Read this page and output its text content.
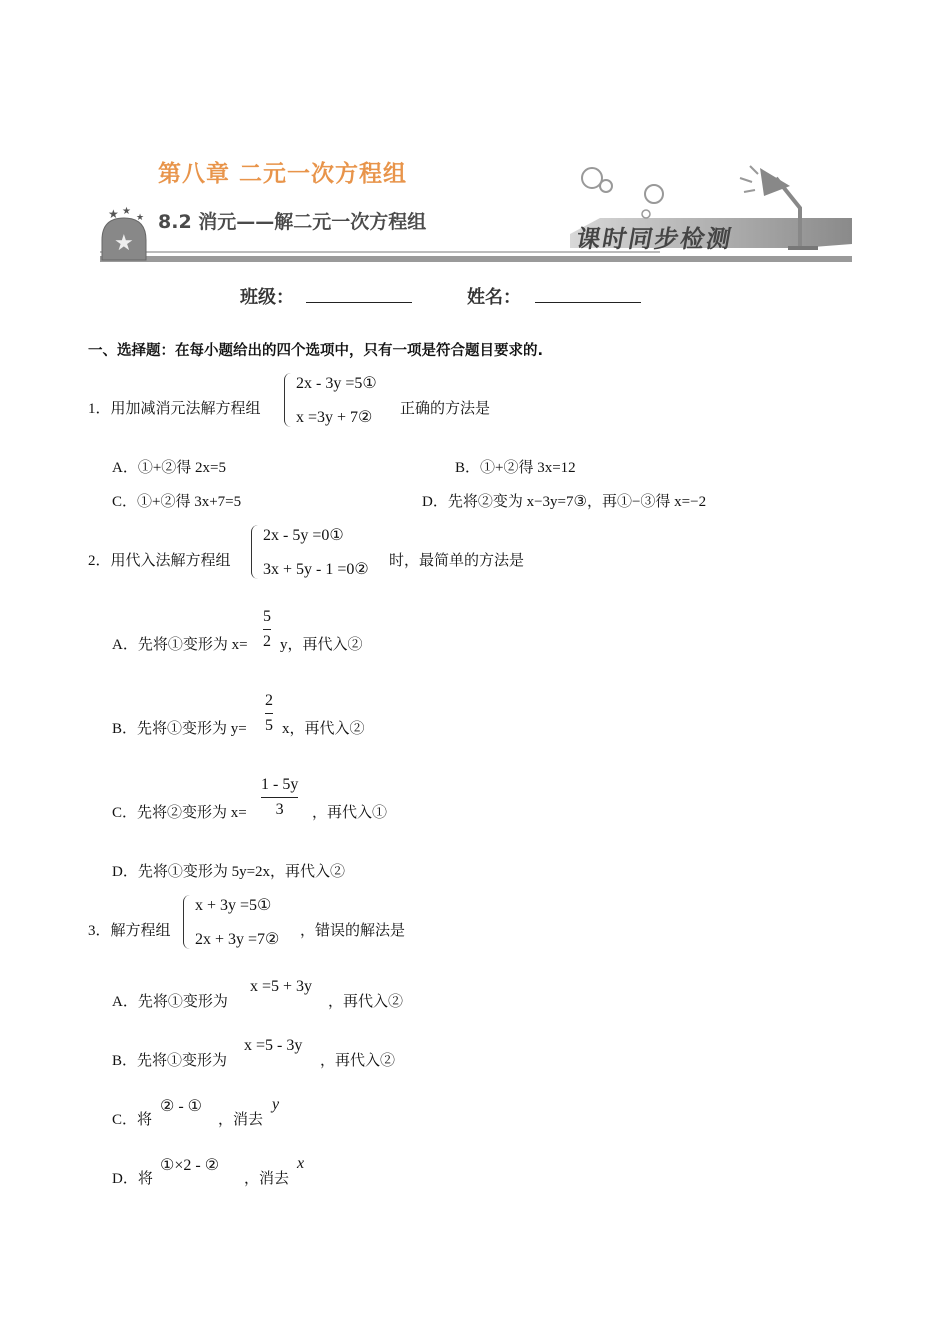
★
★ ★
★
第八章 二元一次方程组
8.2 消元——解二元一次方程组
课时同步检测
班级：	姓名：
一、选择题：在每小题给出的四个选项中，只有一项是符合题目要求的.
1．用加减消元法解方程组
2x - 3y =5①
x =3y + 7② 正确的方法是
A．①+②得 2x=5	B．①+②得 3x=12
C．①+②得 3x+7=5	D．先将②变为 x−3y=7③，再①−③得 x=−2
2．用代入法解方程组
2x - 5y =0①
3x + 5y - 1 =0② 时，最简单的方法是
A．先将①变形为 x=
5
2 y，再代入②
B．先将①变形为 y=
2
5 x，再代入②
C．先将②变形为 x=
1 - 5y
3 ，再代入①
D．先将①变形为 5y=2x，再代入②
3．解方程组
x + 3y =5①
2x + 3y =7② ，错误的解法是
A．先将①变形为
x =5 + 3y
，再代入②
B．先将①变形为
x =5 - 3y
，再代入②
C．将
② - ①
，消去
y
D．将
①×2 - ②
，消去
x
